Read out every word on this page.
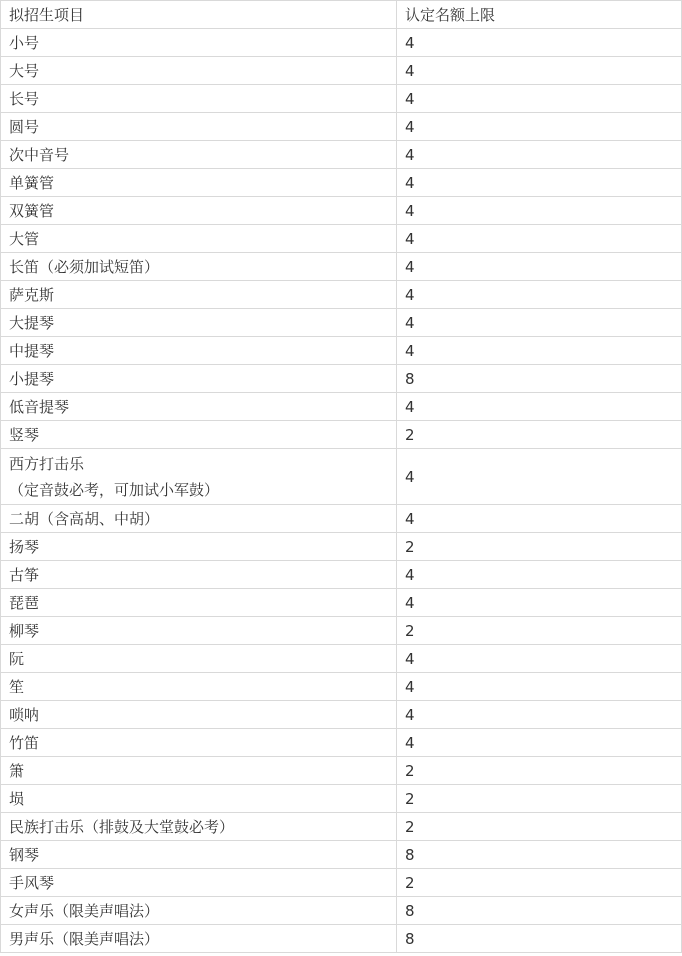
拟招生项目	认定名额上限
小号	4
大号	4
长号	4
圆号	4
次中音号	4
单簧管	4
双簧管	4
大管	4
长笛（必须加试短笛）	4
萨克斯	4
大提琴	4
中提琴	4
小提琴	8
低音提琴	4
竖琴	2

西方打击乐
（定音鼓必考，可加试小军鼓）	4
二胡（含高胡、中胡）	4
扬琴	2
古筝	4
琵琶	4
柳琴	2
阮	4
笙	4
唢呐	4
竹笛	4
箫	2
埙	2
民族打击乐（排鼓及大堂鼓必考）	2
钢琴	8
手风琴	2
女声乐（限美声唱法）	8
男声乐（限美声唱法）	8
